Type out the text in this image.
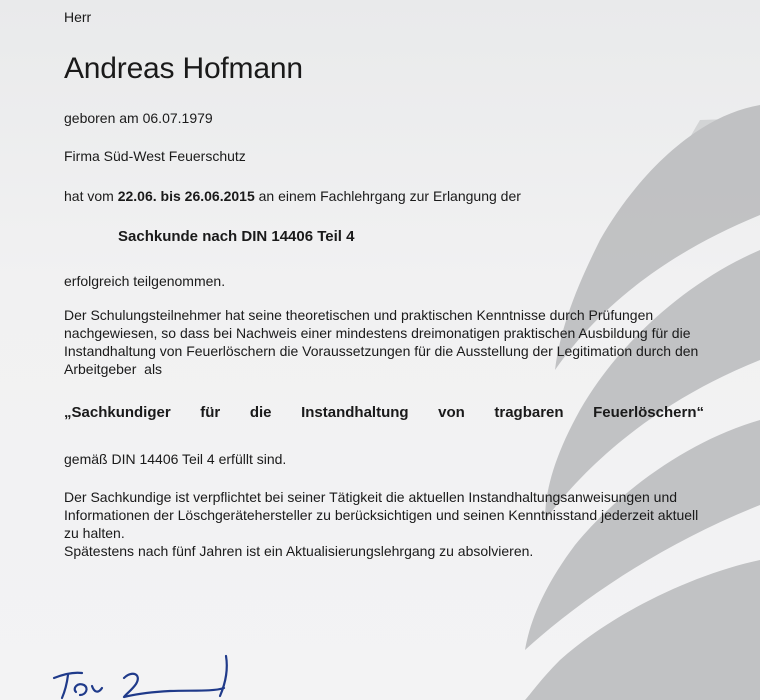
Herr
Andreas Hofmann
geboren am 06.07.1979
Firma Süd-West Feuerschutz
hat vom 22.06. bis 26.06.2015 an einem Fachlehrgang zur Erlangung der
Sachkunde nach DIN 14406 Teil 4
erfolgreich teilgenommen.
Der Schulungsteilnehmer hat seine theoretischen und praktischen Kenntnisse durch Prüfungen
nachgewiesen, so dass bei Nachweis einer mindestens dreimonatigen praktischen Ausbildung für die
Instandhaltung von Feuerlöschern die Voraussetzungen für die Ausstellung der Legitimation durch den
Arbeitgeber  als
„Sachkundiger für die Instandhaltung von tragbaren Feuerlöschern“
gemäß DIN 14406 Teil 4 erfüllt sind.
Der Sachkundige ist verpflichtet bei seiner Tätigkeit die aktuellen Instandhaltungsanweisungen und
Informationen der Löschgerätehersteller zu berücksichtigen und seinen Kenntnisstand jederzeit aktuell
zu halten.
Spätestens nach fünf Jahren ist ein Aktualisierungslehrgang zu absolvieren.
